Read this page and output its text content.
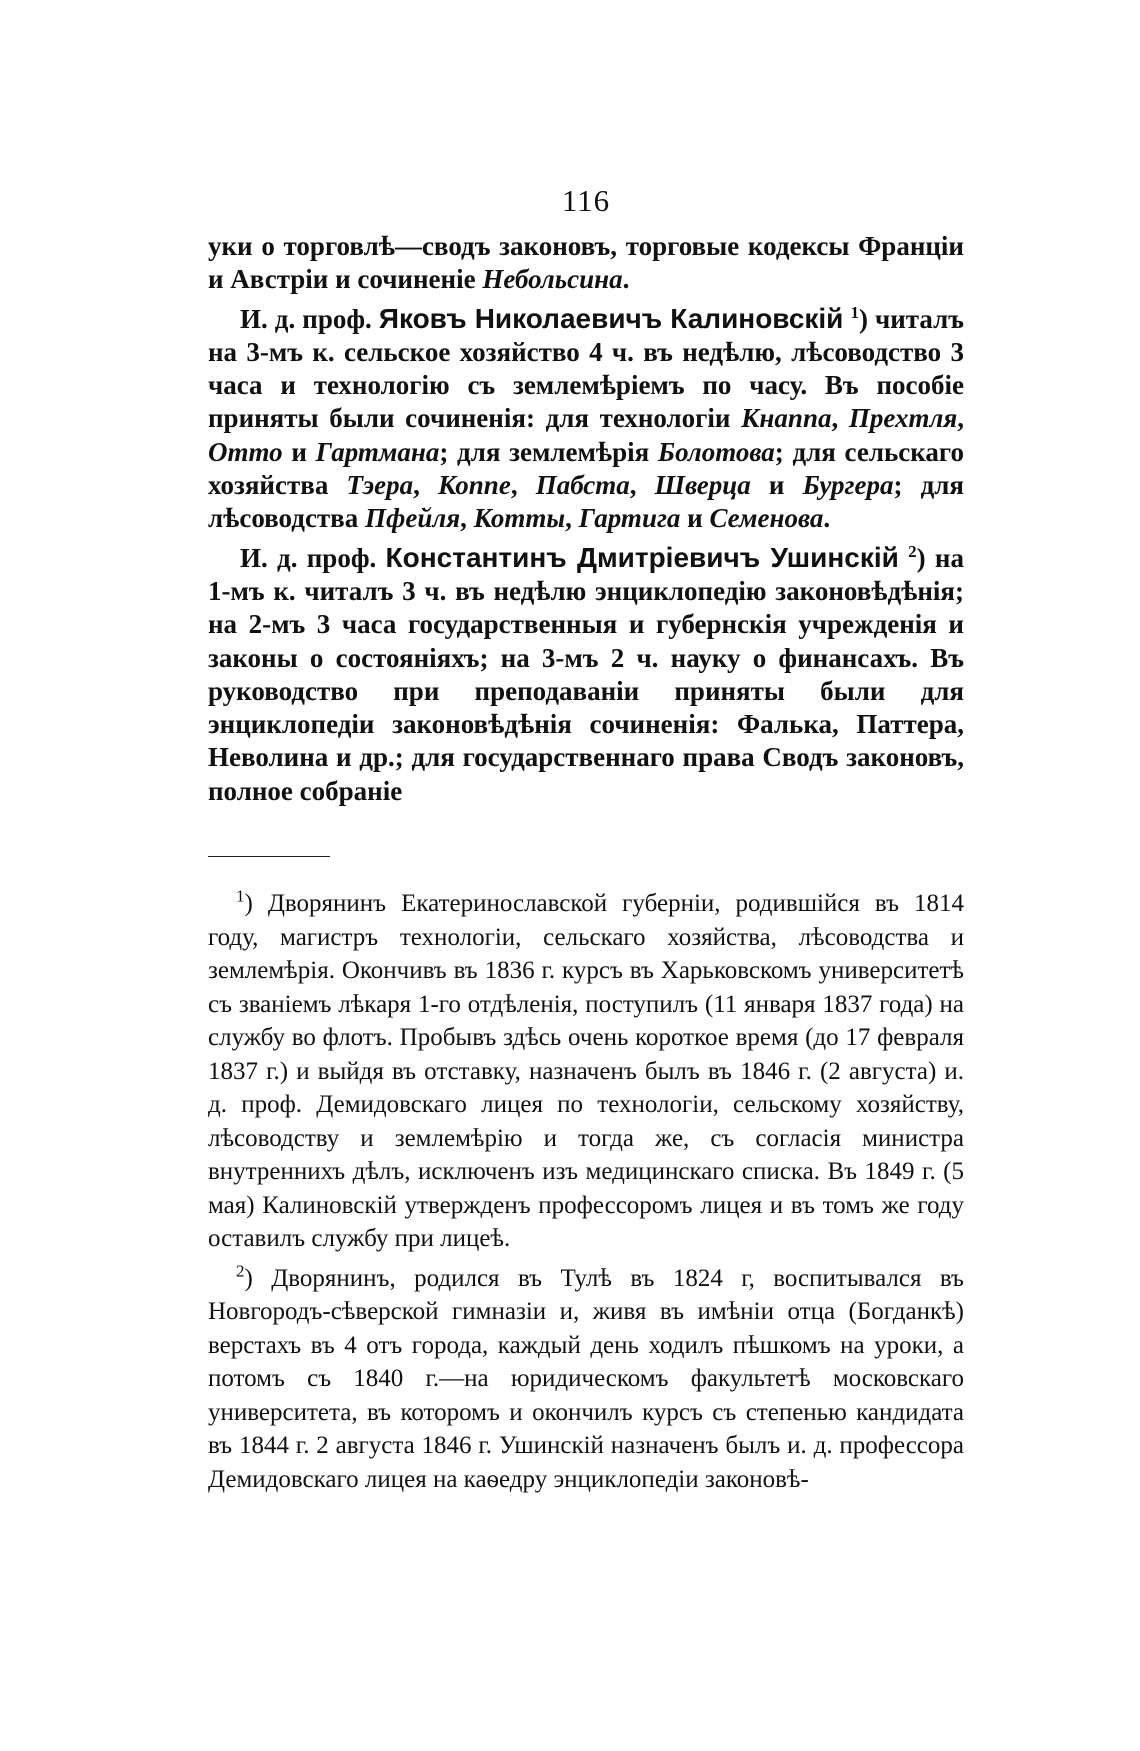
116

уки о торговлѣ—сводъ законовъ, торговые кодексы Франціи и Австріи и сочиненіе Небольсина.

И. д. проф. Яковъ Николаевичъ Калиновскій $^1$) читалъ на 3-мъ к. сельское хозяйство 4 ч. въ недѣлю, лѣсоводство 3 часа и технологію съ землемѣріемъ по часу. Въ пособіе приняты были сочиненія: для технологіи Кнаппа, Прехтля, Отто и Гартмана; для землемѣрія Болотова; для сельскаго хозяйства Тэера, Коппе, Пабста, Шверца и Бургера; для лѣсоводства Пфейля, Котты, Гартига и Семенова.

И. д. проф. Константинъ Дмитріевичъ Ушинскій $^2$) на 1-мъ к. читалъ 3 ч. въ недѣлю энциклопедію законовѣдѣнія; на 2-мъ 3 часа государственныя и губернскія учрежденія и законы о состояніяхъ; на 3-мъ 2 ч. науку о финансахъ. Въ руководство при преподаваніи приняты были для энциклопедіи законовѣдѣнія сочиненія: Фалька, Паттера, Неволина и др.; для государственнаго права Сводъ законовъ, полное собраніе

$^1$) Дворянинъ Екатеринославской губерніи, родившійся въ 1814 году, магистръ технологіи, сельскаго хозяйства, лѣсоводства и землемѣрія. Окончивъ въ 1836 г. курсъ въ Харьковскомъ университетѣ съ званіемъ лѣкаря 1-го отдѣленія, поступилъ (11 января 1837 года) на службу во флотъ. Пробывъ здѣсь очень короткое время (до 17 февраля 1837 г.) и выйдя въ отставку, назначенъ былъ въ 1846 г. (2 августа) и. д. проф. Демидовскаго лицея по технологіи, сельскому хозяйству, лѣсоводству и землемѣрію и тогда же, съ согласія министра внутреннихъ дѣлъ, исключенъ изъ медицинскаго списка. Въ 1849 г. (5 мая) Калиновскій утвержденъ профессоромъ лицея и въ томъ же году оставилъ службу при лицеѣ.

$^2$) Дворянинъ, родился въ Тулѣ въ 1824 г, воспитывался въ Новгородъ-сѣверской гимназіи и, живя въ имѣніи отца (Богданкѣ) верстахъ въ 4 отъ города, каждый день ходилъ пѣшкомъ на уроки, а потомъ съ 1840 г.—на юридическомъ факультетѣ московскаго университета, въ которомъ и окончилъ курсъ съ степенью кандидата въ 1844 г. 2 августа 1846 г. Ушинскій назначенъ былъ и. д. профессора Демидовскаго лицея на каѳедру энциклопедіи законовѣ-
